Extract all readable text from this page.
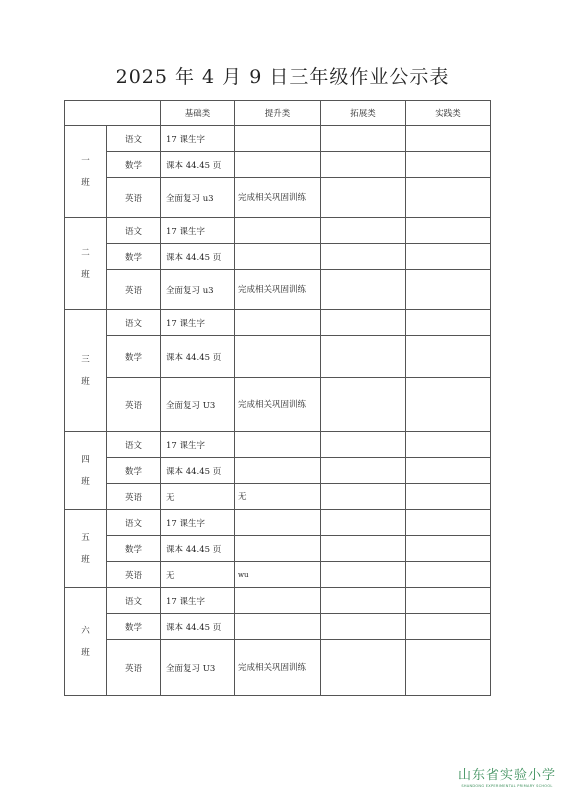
2025 年 4 月 9 日三年级作业公示表
		基础类	提升类	拓展类	实践类

一
班	语文	17 课生字			
	数学	课本 44.45 页			
	英语	全面复习 u3	完成相关巩固训练		

二
班	语文	17 课生字			
	数学	课本 44.45 页			
	英语	全面复习 u3	完成相关巩固训练		

三
班	语文	17 课生字			
	数学	课本 44.45 页			
	英语	全面复习 U3	完成相关巩固训练		

四
班	语文	17 课生字			
	数学	课本 44.45 页			
	英语	无	无		

五
班	语文	17 课生字			
	数学	课本 44.45 页			
	英语	无	wu		

六
班	语文	17 课生字			
	数学	课本 44.45 页			
	英语	全面复习 U3	完成相关巩固训练		
山东省实验小学
SHANDONG EXPERIMENTAL PRIMARY SCHOOL
